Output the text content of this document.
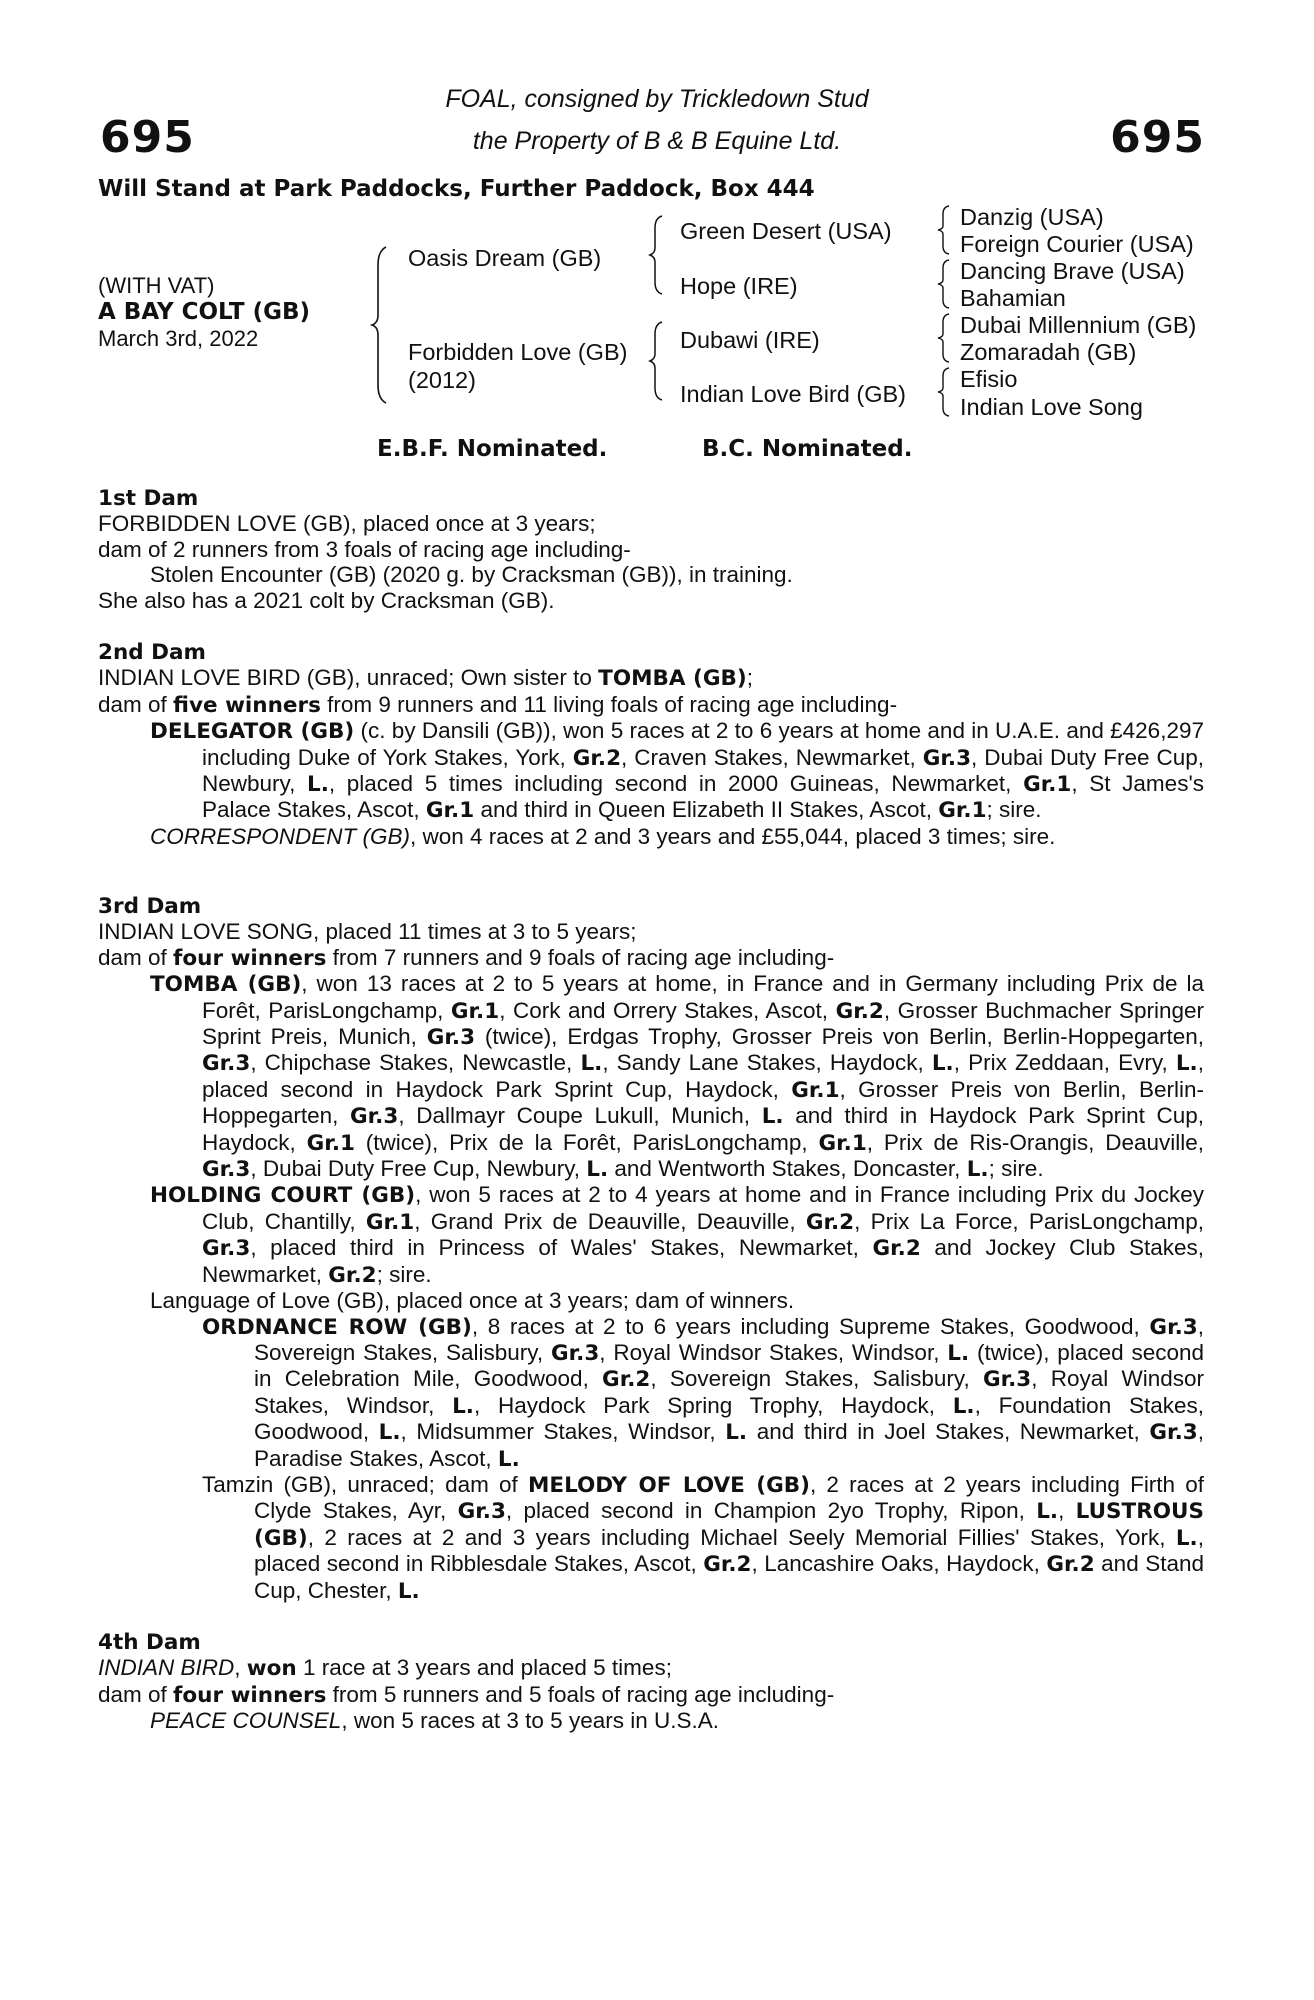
695	695
FOAL, consigned by Trickledown Stud
the Property of B & B Equine Ltd.
Will Stand at Park Paddocks, Further Paddock, Box 444
(WITH VAT)
A BAY COLT (GB)
March 3rd, 2022
Oasis Dream (GB)
Forbidden Love (GB)
(2012)
Green Desert (USA)
Hope (IRE)
Dubawi (IRE)
Indian Love Bird (GB)
Danzig (USA)
Foreign Courier (USA)
Dancing Brave (USA)
Bahamian
Dubai Millennium (GB)
Zomaradah (GB)
Efisio
Indian Love Song
E.B.F. Nominated.	B.C. Nominated.
1st Dam

FORBIDDEN LOVE (GB), placed once at 3 years;

dam of 2 runners from 3 foals of racing age including-

Stolen Encounter (GB) (2020 g. by Cracksman (GB)), in training.

She also has a 2021 colt by Cracksman (GB).

2nd Dam

INDIAN LOVE BIRD (GB), unraced; Own sister to TOMBA (GB);

dam of five winners from 9 runners and 11 living foals of racing age including-

DELEGATOR (GB) (c. by Dansili (GB)), won 5 races at 2 to 6 years at home and in U.A.E. and £426,297 including Duke of York Stakes, York, Gr.2, Craven Stakes, Newmarket, Gr.3, Dubai Duty Free Cup, Newbury, L., placed 5 times including second in 2000 Guineas, Newmarket, Gr.1, St James's Palace Stakes, Ascot, Gr.1 and third in Queen Elizabeth II Stakes, Ascot, Gr.1; sire.

CORRESPONDENT (GB), won 4 races at 2 and 3 years and £55,044, placed 3 times; sire.

3rd Dam

INDIAN LOVE SONG, placed 11 times at 3 to 5 years;

dam of four winners from 7 runners and 9 foals of racing age including-

TOMBA (GB), won 13 races at 2 to 5 years at home, in France and in Germany including Prix de la Forêt, ParisLongchamp, Gr.1, Cork and Orrery Stakes, Ascot, Gr.2, Grosser Buchmacher Springer Sprint Preis, Munich, Gr.3 (twice), Erdgas Trophy, Grosser Preis von Berlin, Berlin-Hoppegarten, Gr.3, Chipchase Stakes, Newcastle, L., Sandy Lane Stakes, Haydock, L., Prix Zeddaan, Evry, L., placed second in Haydock Park Sprint Cup, Haydock, Gr.1, Grosser Preis von Berlin, Berlin-Hoppegarten, Gr.3, Dallmayr Coupe Lukull, Munich, L. and third in Haydock Park Sprint Cup, Haydock, Gr.1 (twice), Prix de la Forêt, ParisLongchamp, Gr.1, Prix de Ris-Orangis, Deauville, Gr.3, Dubai Duty Free Cup, Newbury, L. and Wentworth Stakes, Doncaster, L.; sire.

HOLDING COURT (GB), won 5 races at 2 to 4 years at home and in France including Prix du Jockey Club, Chantilly, Gr.1, Grand Prix de Deauville, Deauville, Gr.2, Prix La Force, ParisLongchamp, Gr.3, placed third in Princess of Wales' Stakes, Newmarket, Gr.2 and Jockey Club Stakes, Newmarket, Gr.2; sire.

Language of Love (GB), placed once at 3 years; dam of winners.

ORDNANCE ROW (GB), 8 races at 2 to 6 years including Supreme Stakes, Goodwood, Gr.3, Sovereign Stakes, Salisbury, Gr.3, Royal Windsor Stakes, Windsor, L. (twice), placed second in Celebration Mile, Goodwood, Gr.2, Sovereign Stakes, Salisbury, Gr.3, Royal Windsor Stakes, Windsor, L., Haydock Park Spring Trophy, Haydock, L., Foundation Stakes, Goodwood, L., Midsummer Stakes, Windsor, L. and third in Joel Stakes, Newmarket, Gr.3, Paradise Stakes, Ascot, L.

Tamzin (GB), unraced; dam of MELODY OF LOVE (GB), 2 races at 2 years including Firth of Clyde Stakes, Ayr, Gr.3, placed second in Champion 2yo Trophy, Ripon, L., LUSTROUS (GB), 2 races at 2 and 3 years including Michael Seely Memorial Fillies' Stakes, York, L., placed second in Ribblesdale Stakes, Ascot, Gr.2, Lancashire Oaks, Haydock, Gr.2 and Stand Cup, Chester, L.

4th Dam

INDIAN BIRD, won 1 race at 3 years and placed 5 times;

dam of four winners from 5 runners and 5 foals of racing age including-

PEACE COUNSEL, won 5 races at 3 to 5 years in U.S.A.
